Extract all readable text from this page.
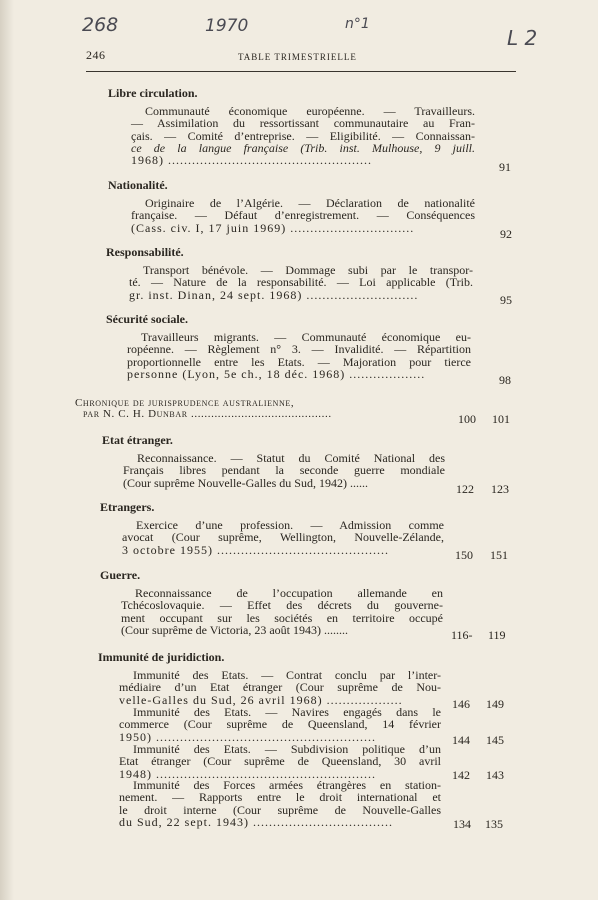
268	1970	n°1
L 2
246	TABLE TRIMESTRIELLE
Libre circulation.
Communauté économique européenne. — Travailleurs.
— Assimilation du ressortissant communautaire au Fran-
çais. — Comité d’entreprise. — Eligibilité. — Connaissan-
ce de la langue française (Trib. inst. Mulhouse, 9 juill.
1968) ...................................................	91
Nationalité.
Originaire de l’Algérie. — Déclaration de nationalité
française. — Défaut d’enregistrement. — Conséquences
(Cass. civ. I, 17 juin 1969) ...............................	92
Responsabilité.
Transport bénévole. — Dommage subi par le transpor-
té. — Nature de la responsabilité. — Loi applicable (Trib.
gr. inst. Dinan, 24 sept. 1968) ............................	95
Sécurité sociale.
Travailleurs migrants. — Communauté économique eu-
ropéenne. — Règlement n° 3. — Invalidité. — Répartition
proportionnelle entre les Etats. — Majoration pour tierce
personne (Lyon, 5e ch., 18 déc. 1968) ...................	98
Chronique de jurisprudence australienne,
par N. C. H. Dunbar ..........................................	100 101
Etat étranger.
Reconnaissance. — Statut du Comité National des
Français libres pendant la seconde guerre mondiale
(Cour suprême Nouvelle-Galles du Sud, 1942) ......	122 123
Etrangers.
Exercice d’une profession. — Admission comme
avocat (Cour suprême, Wellington, Nouvelle-Zélande,
3 octobre 1955) ...........................................	150 151
Guerre.
Reconnaissance de l’occupation allemande en
Tchécoslovaquie. — Effet des décrets du gouverne-
ment occupant sur les sociétés en territoire occupé
(Cour suprême de Victoria, 23 août 1943) ........	116- 119
Immunité de juridiction.
Immunité des Etats. — Contrat conclu par l’inter-
médiaire d’un Etat étranger (Cour suprême de Nou-
velle-Galles du Sud, 26 avril 1968) ...................	146 149
Immunité des Etats. — Navires engagés dans le
commerce (Cour suprême de Queensland, 14 février
1950) .......................................................	144 145
Immunité des Etats. — Subdivision politique d’un
Etat étranger (Cour suprême de Queensland, 30 avril
1948) .......................................................	142 143
Immunité des Forces armées étrangères en station-
nement. — Rapports entre le droit international et
le droit interne (Cour suprême de Nouvelle-Galles
du Sud, 22 sept. 1943) ...................................	134 135
